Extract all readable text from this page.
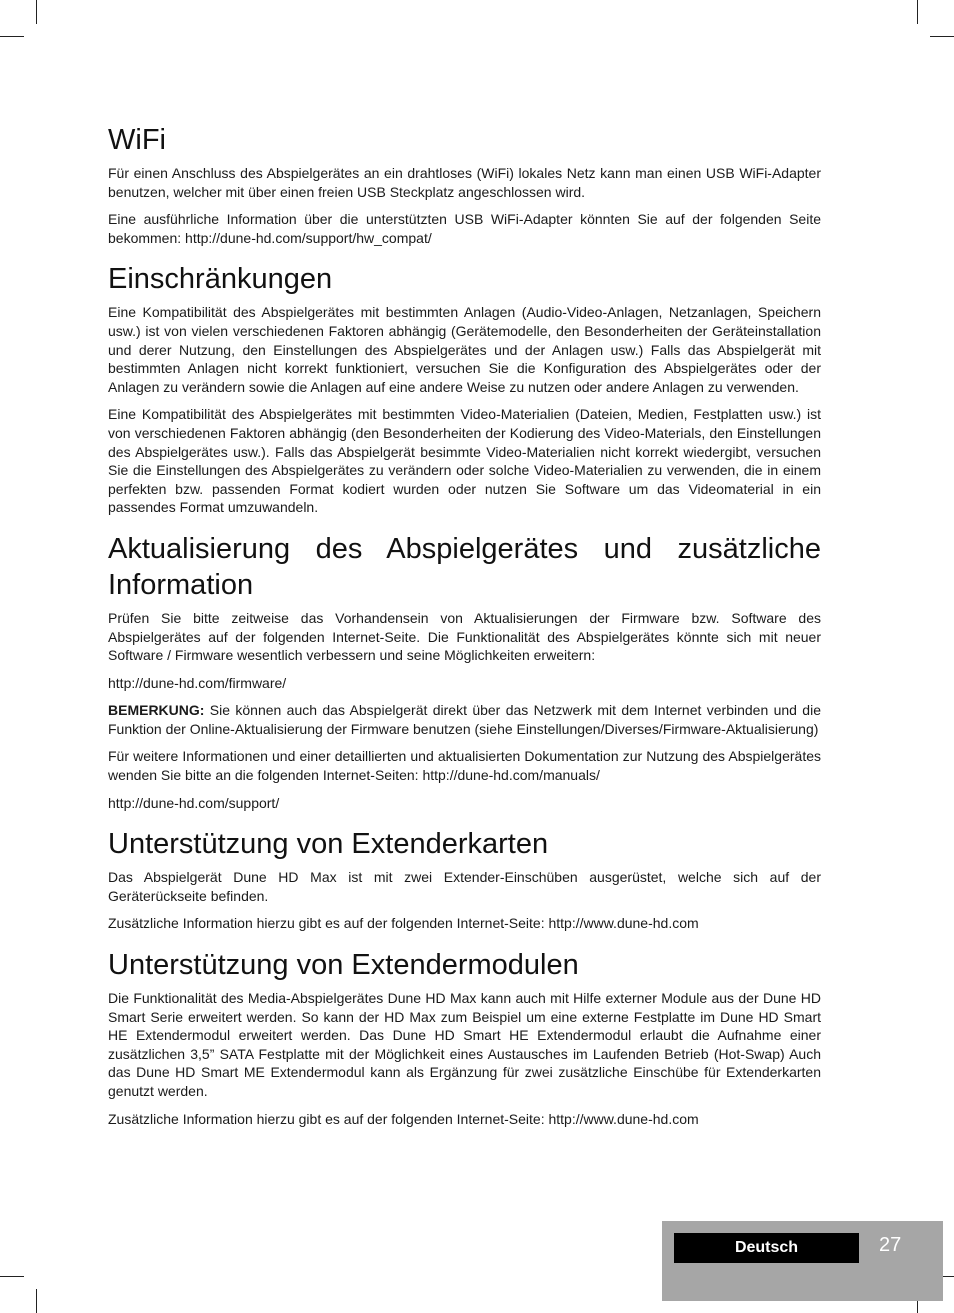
WiFi

Für einen Anschluss des Abspielgerätes an ein drahtloses (WiFi) lokales Netz kann man einen USB WiFi-Adapter benutzen, welcher mit über einen freien USB Steckplatz angeschlossen wird.

Eine ausführliche Information über die unterstützten USB WiFi-Adapter könnten Sie auf der folgenden Seite bekommen: http://dune-hd.com/support/hw_compat/

Einschränkungen

Eine Kompatibilität des Abspielgerätes mit bestimmten Anlagen (Audio-Video-Anlagen, Netzanlagen, Speichern usw.) ist von vielen verschiedenen Faktoren abhängig (Gerätemodelle, den Besonderheiten der Geräteinstallation und derer Nutzung, den Einstellungen des Abspielgerätes und der Anlagen usw.) Falls das Abspielgerät mit bestimmten Anlagen nicht korrekt funktioniert, versuchen Sie die Konfiguration des Abspielgerätes oder der Anlagen zu verändern sowie die Anlagen auf eine andere Weise zu nutzen oder andere Anlagen zu verwenden.

Eine Kompatibilität des Abspielgerätes mit bestimmten Video-Materialien (Dateien, Medien, Festplatten usw.) ist von verschiedenen Faktoren abhängig (den Besonderheiten der Kodierung des Video-Materials, den Einstellungen des Abspielgerätes usw.). Falls das Abspielgerät besimmte Video-Materialien nicht korrekt wiedergibt, versuchen Sie die Einstellungen des Abspielgerätes zu verändern oder solche Video-Materialien zu verwenden, die in einem perfekten bzw. passenden Format kodiert wurden oder nutzen Sie Software um das Videomaterial in ein passendes Format umzuwandeln.

Aktualisierung des Abspielgerätes und zusätzliche Information

Prüfen Sie bitte zeitweise das Vorhandensein von Aktualisierungen der Firmware bzw. Software des Abspielgerätes auf der folgenden Internet-Seite. Die Funktionalität des Abspielgerätes könnte sich mit neuer Software / Firmware wesentlich verbessern und seine Möglichkeiten erweitern:

http://dune-hd.com/firmware/

BEMERKUNG: Sie können auch das Abspielgerät direkt über das Netzwerk mit dem Internet verbinden und die Funktion der Online-Aktualisierung der Firmware benutzen (siehe Einstellungen/Diverses/Firmware-Aktualisierung)

Für weitere Informationen und einer detaillierten und aktualisierten Dokumentation zur Nutzung des Abspielgerätes wenden Sie bitte an die folgenden Internet-Seiten: http://dune-hd.com/manuals/

http://dune-hd.com/support/

Unterstützung von Extenderkarten

Das Abspielgerät Dune HD Max ist mit zwei Extender-Einschüben ausgerüstet, welche sich auf der Geräterückseite befinden.

Zusätzliche Information hierzu gibt es auf der folgenden Internet-Seite: http://www.dune-hd.com

Unterstützung von Extendermodulen

Die Funktionalität des Media-Abspielgerätes Dune HD Max kann auch mit Hilfe externer Module aus der Dune HD Smart Serie erweitert werden. So kann der HD Max zum Beispiel um eine externe Festplatte im Dune HD Smart HE Extendermodul erweitert werden. Das Dune HD Smart HE Extendermodul erlaubt die Aufnahme einer zusätzlichen 3,5” SATA Festplatte mit der Möglichkeit eines Austausches im Laufenden Betrieb (Hot-Swap) Auch das Dune HD Smart ME Extendermodul kann als Ergänzung für zwei zusätzliche Einschübe für Extenderkarten genutzt werden.

Zusätzliche Information hierzu gibt es auf der folgenden Internet-Seite: http://www.dune-hd.com

Deutsch	27
